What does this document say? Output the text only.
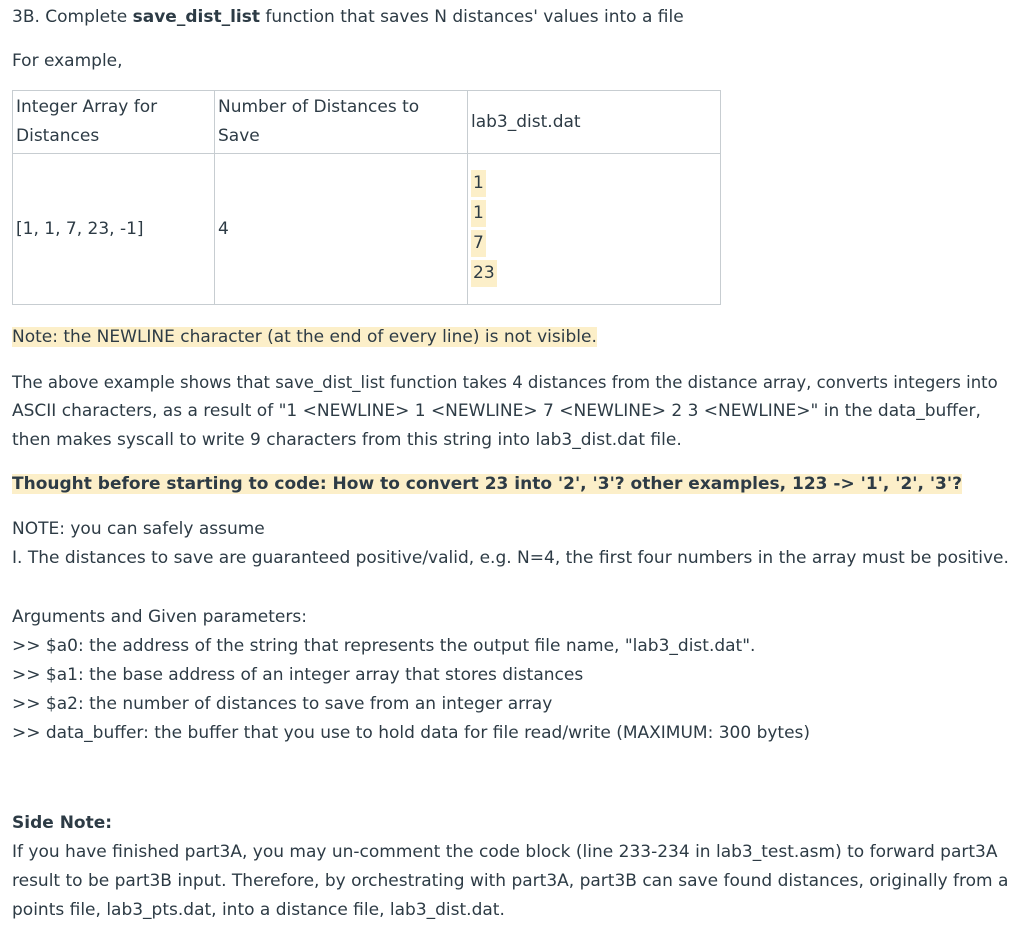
3B. Complete save_dist_list function that saves N distances' values into a file
For example,
Integer Array for Distances	Number of Distances to Save	lab3_dist.dat
[1, 1, 7, 23, -1]	4	1
1
7
23
Note: the NEWLINE character (at the end of every line) is not visible.
The above example shows that save_dist_list function takes 4 distances from the distance array, converts integers into
ASCII characters, as a result of "1 <NEWLINE> 1 <NEWLINE> 7 <NEWLINE> 2 3 <NEWLINE>" in the data_buffer,
then makes syscall to write 9 characters from this string into lab3_dist.dat file.
Thought before starting to code: How to convert 23 into '2', '3'? other examples, 123 -> '1', '2', '3'?
NOTE: you can safely assume
I. The distances to save are guaranteed positive/valid, e.g. N=4, the first four numbers in the array must be positive.
Arguments and Given parameters:
>> $a0: the address of the string that represents the output file name, "lab3_dist.dat".
>> $a1: the base address of an integer array that stores distances
>> $a2: the number of distances to save from an integer array
>> data_buffer: the buffer that you use to hold data for file read/write (MAXIMUM: 300 bytes)
Side Note:
If you have finished part3A, you may un-comment the code block (line 233-234 in lab3_test.asm) to forward part3A
result to be part3B input. Therefore, by orchestrating with part3A, part3B can save found distances, originally from a
points file, lab3_pts.dat, into a distance file, lab3_dist.dat.
